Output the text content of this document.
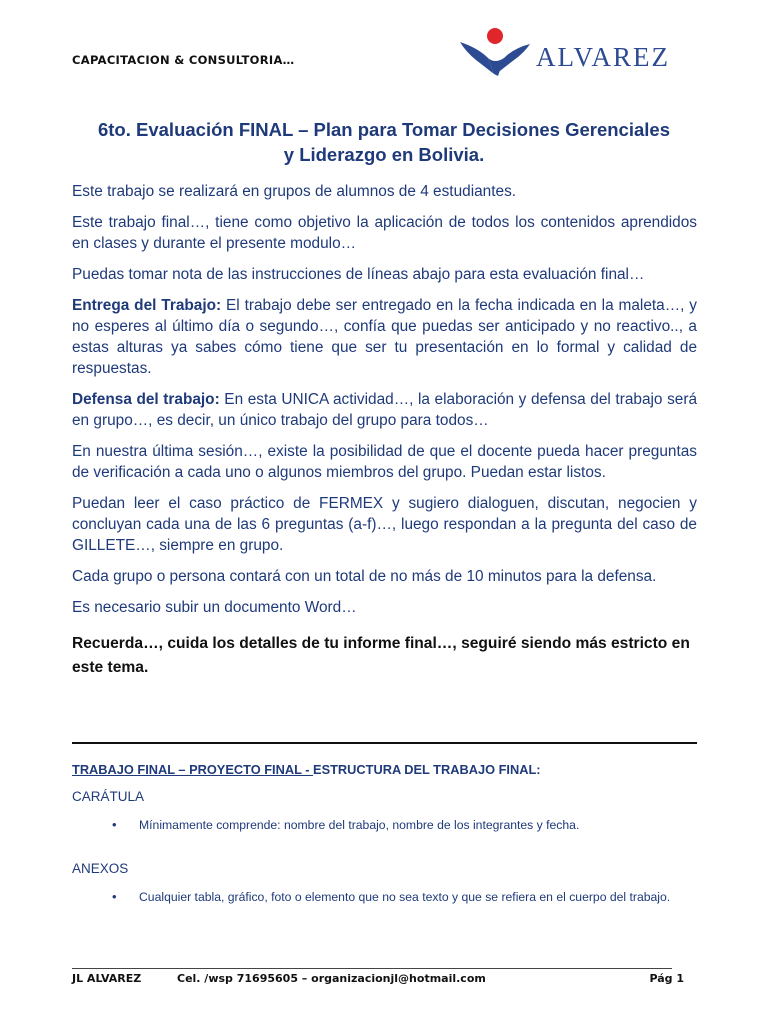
CAPACITACION & CONSULTORIA…	ALVAREZ
6to. Evaluación FINAL – Plan para Tomar Decisiones Gerenciales
y Liderazgo en Bolivia.

Este trabajo se realizará en grupos de alumnos de 4 estudiantes.

Este trabajo final…, tiene como objetivo la aplicación de todos los contenidos aprendidos en clases y durante el presente modulo…

Puedas tomar nota de las instrucciones de líneas abajo para esta evaluación final…

Entrega del Trabajo: El trabajo debe ser entregado en la fecha indicada en la maleta…, y no esperes al último día o segundo…, confía que puedas ser anticipado y no reactivo.., a estas alturas ya sabes cómo tiene que ser tu presentación en lo formal y calidad de respuestas.

Defensa del trabajo: En esta UNICA actividad…, la elaboración y defensa del trabajo será en grupo…, es decir, un único trabajo del grupo para todos…

En nuestra última sesión…, existe la posibilidad de que el docente pueda hacer preguntas de verificación a cada uno o algunos miembros del grupo. Puedan estar listos.

Puedan leer el caso práctico de FERMEX y sugiero dialoguen, discutan, negocien y concluyan cada una de las 6 preguntas (a-f)…, luego respondan a la pregunta del caso de GILLETE…, siempre en grupo.

Cada grupo o persona contará con un total de no más de 10 minutos para la defensa.

Es necesario subir un documento Word…

Recuerda…, cuida los detalles de tu informe final…, seguiré siendo más estricto en este tema.

TRABAJO FINAL – PROYECTO FINAL - ESTRUCTURA DEL TRABAJO FINAL:
CARÁTULA
• Mínimamente comprende: nombre del trabajo, nombre de los integrantes y fecha.
ANEXOS
• Cualquier tabla, gráfico, foto o elemento que no sea texto y que se refiera en el cuerpo del trabajo.
JL ALVAREZ	Cel. /wsp 71695605 – organizacionjl@hotmail.com	Pág 1
